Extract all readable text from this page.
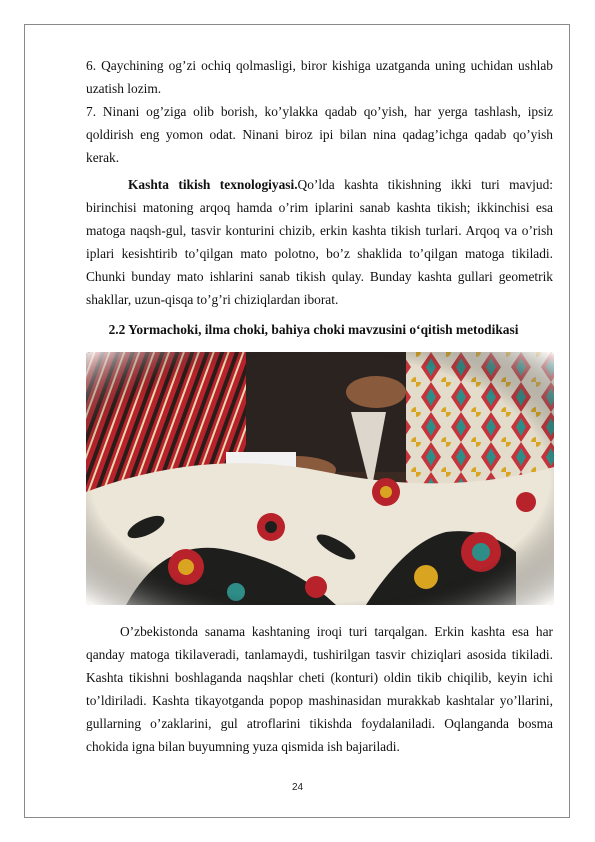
6. Qaychining og’zi ochiq qolmasligi, biror kishiga uzatganda uning uchidan ushlab uzatish lozim.

7. Ninani og’ziga olib borish, ko’ylakka qadab qo’yish, har yerga tashlash, ipsiz qoldirish eng yomon odat. Ninani biroz ipi bilan nina qadag’ichga qadab qo’yish kerak.

Kashta tikish texnologiyasi.Qo’lda kashta tikishning ikki turi mavjud: birinchisi matoning arqoq hamda o’rim iplarini sanab kashta tikish; ikkinchisi esa matoga naqsh-gul, tasvir konturini chizib, erkin kashta tikish turlari. Arqoq va o’rish iplari kesishtirib to’qilgan mato polotno, bo’z shaklida to’qilgan matoga tikiladi. Chunki bunday mato ishlarini sanab tikish qulay. Bunday kashta gullari geometrik shakllar, uzun-qisqa to’g’ri chiziqlardan iborat.

2.2 Yormachoki, ilma choki, bahiya choki mavzusini o‘qitish metodikasi

O’zbekistonda sanama kashtaning iroqi turi tarqalgan. Erkin kashta esa har qanday matoga tikilaveradi, tanlamaydi, tushirilgan tasvir chiziqlari asosida tikiladi. Kashta tikishni boshlaganda naqshlar cheti (konturi) oldin tikib chiqilib, keyin ichi to’ldiriladi. Kashta tikayotganda popop mashinasidan murakkab kashtalar yo’llarini, gullarning o’zaklarini, gul atroflarini tikishda foydalaniladi. Oqlanganda bosma chokida igna bilan buyumning yuza qismida ish bajariladi.

24
